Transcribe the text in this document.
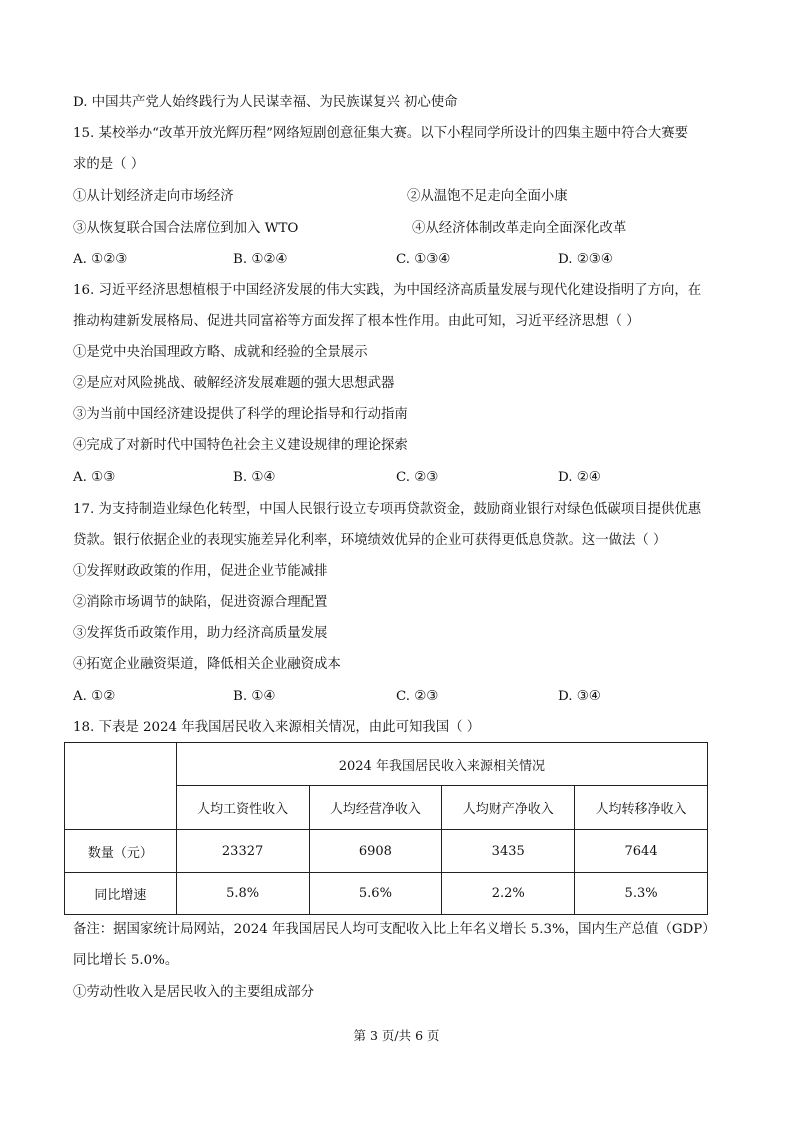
D. 中国共产党人始终践行为人民谋幸福、为民族谋复兴 初心使命
15. 某校举办“改革开放光辉历程”网络短剧创意征集大赛。以下小程同学所设计的四集主题中符合大赛要
求的是（ ）
①从计划经济走向市场经济	②从温饱不足走向全面小康
③从恢复联合国合法席位到加入 WTO	④从经济体制改革走向全面深化改革
A. ①②③	B. ①②④	C. ①③④	D. ②③④
16. 习近平经济思想植根于中国经济发展的伟大实践，为中国经济高质量发展与现代化建设指明了方向，在
推动构建新发展格局、促进共同富裕等方面发挥了根本性作用。由此可知，习近平经济思想（ ）
①是党中央治国理政方略、成就和经验的全景展示
②是应对风险挑战、破解经济发展难题的强大思想武器
③为当前中国经济建设提供了科学的理论指导和行动指南
④完成了对新时代中国特色社会主义建设规律的理论探索
A. ①③	B. ①④	C. ②③	D. ②④
17. 为支持制造业绿色化转型，中国人民银行设立专项再贷款资金，鼓励商业银行对绿色低碳项目提供优惠
贷款。银行依据企业的表现实施差异化利率，环境绩效优异的企业可获得更低息贷款。这一做法（ ）
①发挥财政政策的作用，促进企业节能减排
②消除市场调节的缺陷，促进资源合理配置
③发挥货币政策作用，助力经济高质量发展
④拓宽企业融资渠道，降低相关企业融资成本
A. ①②	B. ①④	C. ②③	D. ③④
18. 下表是 2024 年我国居民收入来源相关情况，由此可知我国（ ）
	2024 年我国居民收入来源相关情况			
	人均工资性收入	人均经营净收入	人均财产净收入	人均转移净收入
数量（元）	23327	6908	3435	7644
同比增速	5.8%	5.6%	2.2%	5.3%
备注：据国家统计局网站，2024 年我国居民人均可支配收入比上年名义增长 5.3%，国内生产总值（GDP）
同比增长 5.0%。
①劳动性收入是居民收入的主要组成部分
第 3 页/共 6 页
